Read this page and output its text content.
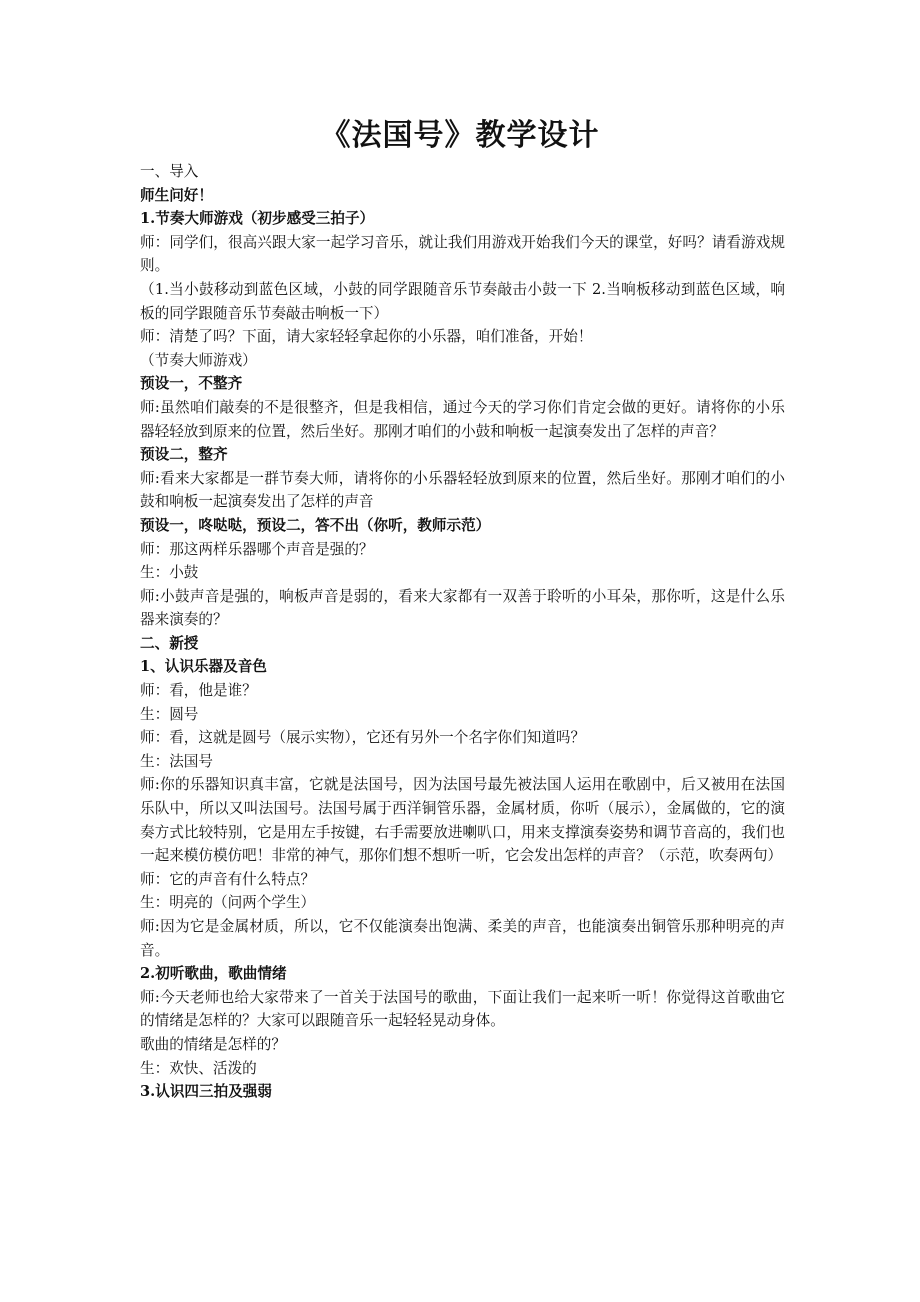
《法国号》教学设计
一、导入
师生问好！
1.节奏大师游戏（初步感受三拍子）
师：同学们，很高兴跟大家一起学习音乐，就让我们用游戏开始我们今天的课堂，好吗？请看游戏规则。
（1.当小鼓移动到蓝色区域，小鼓的同学跟随音乐节奏敲击小鼓一下 2.当响板移动到蓝色区域，响板的同学跟随音乐节奏敲击响板一下）
师：清楚了吗？下面，请大家轻轻拿起你的小乐器，咱们准备，开始！
（节奏大师游戏）
预设一，不整齐
师:虽然咱们敲奏的不是很整齐，但是我相信，通过今天的学习你们肯定会做的更好。请将你的小乐器轻轻放到原来的位置，然后坐好。那刚才咱们的小鼓和响板一起演奏发出了怎样的声音？
预设二，整齐
师:看来大家都是一群节奏大师，请将你的小乐器轻轻放到原来的位置，然后坐好。那刚才咱们的小鼓和响板一起演奏发出了怎样的声音
预设一，咚哒哒，预设二，答不出（你听，教师示范）
师：那这两样乐器哪个声音是强的？
生：小鼓
师:小鼓声音是强的，响板声音是弱的，看来大家都有一双善于聆听的小耳朵，那你听，这是什么乐器来演奏的？
二、新授
1、认识乐器及音色
师：看，他是谁？
生：圆号
师：看，这就是圆号（展示实物），它还有另外一个名字你们知道吗？
生：法国号
师:你的乐器知识真丰富，它就是法国号，因为法国号最先被法国人运用在歌剧中，后又被用在法国乐队中，所以又叫法国号。法国号属于西洋铜管乐器，金属材质，你听（展示），金属做的，它的演奏方式比较特别，它是用左手按键，右手需要放进喇叭口，用来支撑演奏姿势和调节音高的，我们也一起来模仿模仿吧！非常的神气，那你们想不想听一听，它会发出怎样的声音？（示范，吹奏两句）
师：它的声音有什么特点？
生：明亮的（问两个学生）
师:因为它是金属材质，所以，它不仅能演奏出饱满、柔美的声音，也能演奏出铜管乐那种明亮的声音。
2.初听歌曲，歌曲情绪
师:今天老师也给大家带来了一首关于法国号的歌曲，下面让我们一起来听一听！你觉得这首歌曲它的情绪是怎样的？大家可以跟随音乐一起轻轻晃动身体。
歌曲的情绪是怎样的？
生：欢快、活泼的
3.认识四三拍及强弱
